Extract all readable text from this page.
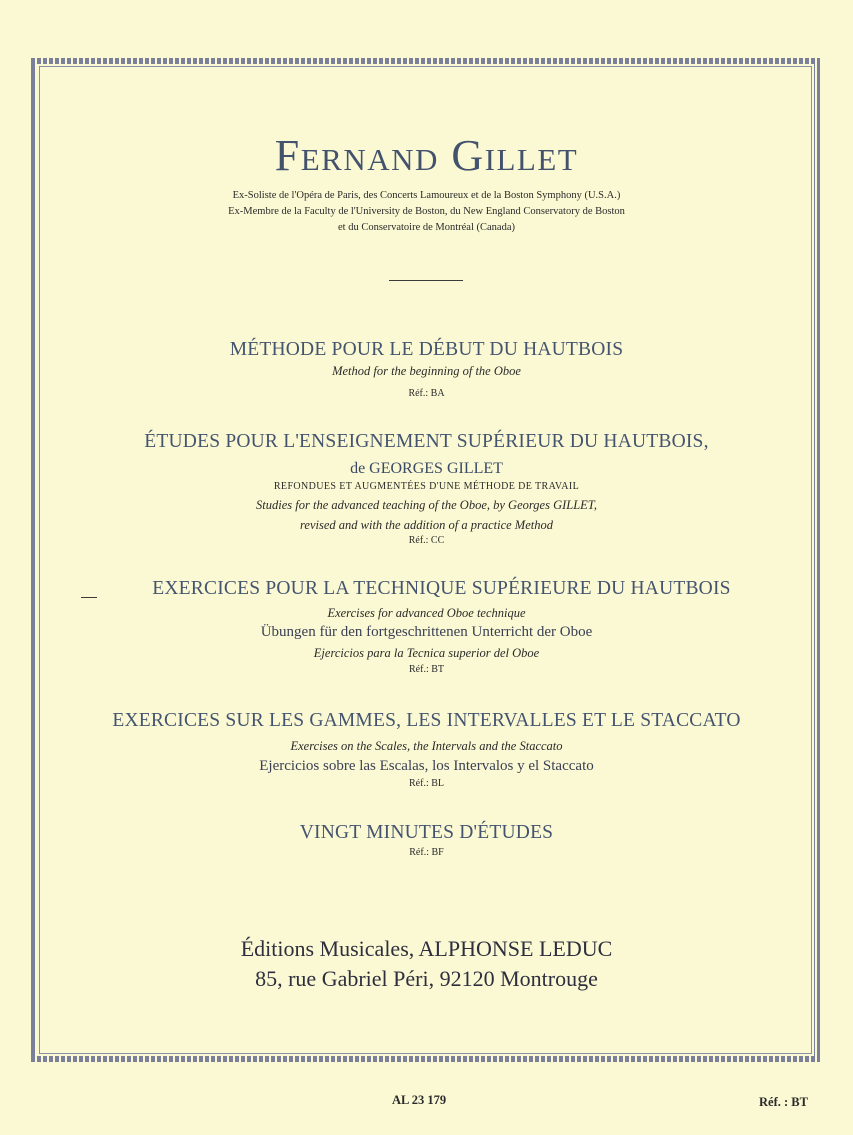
Fernand Gillet
Ex-Soliste de l'Opéra de Paris, des Concerts Lamoureux et de la Boston Symphony (U.S.A.)
Ex-Membre de la Faculty de l'University de Boston, du New England Conservatory de Boston
et du Conservatoire de Montréal (Canada)
MÉTHODE POUR LE DÉBUT DU HAUTBOIS
Method for the beginning of the Oboe
Réf.: BA
ÉTUDES POUR L'ENSEIGNEMENT SUPÉRIEUR DU HAUTBOIS,
de GEORGES GILLET
REFONDUES ET AUGMENTÉES D'UNE MÉTHODE DE TRAVAIL
Studies for the advanced teaching of the Oboe, by Georges GILLET,
revised and with the addition of a practice Method
Réf.: CC
EXERCICES POUR LA TECHNIQUE SUPÉRIEURE DU HAUTBOIS
Exercises for advanced Oboe technique
Übungen für den fortgeschrittenen Unterricht der Oboe
Ejercicios para la Tecnica superior del Oboe
Réf.: BT
EXERCICES SUR LES GAMMES, LES INTERVALLES ET LE STACCATO
Exercises on the Scales, the Intervals and the Staccato
Ejercicios sobre las Escalas, los Intervalos y el Staccato
Réf.: BL
VINGT MINUTES D'ÉTUDES
Réf.: BF
Éditions Musicales, ALPHONSE LEDUC
85, rue Gabriel Péri, 92120 Montrouge
AL 23 179	Réf. : BT
